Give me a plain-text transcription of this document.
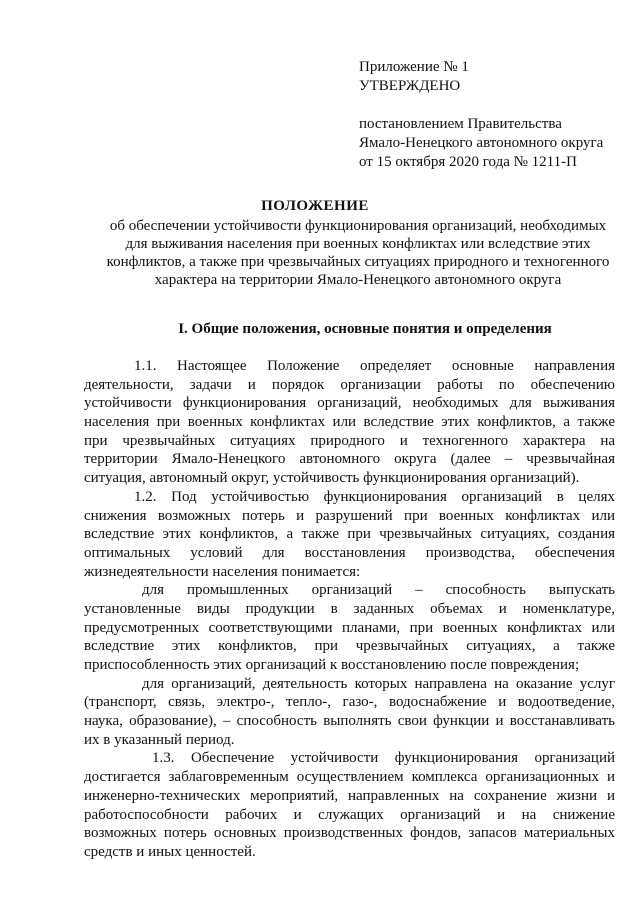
Приложение № 1
УТВЕРЖДЕНО
постановлением Правительства
Ямало-Ненецкого автономного округа
от 15 октября 2020 года № 1211-П
ПОЛОЖЕНИЕ
об обеспечении устойчивости функционирования организаций, необходимых
для выживания населения при военных конфликтах или вследствие этих
конфликтов, а также при чрезвычайных ситуациях природного и техногенного
характера на территории Ямало-Ненецкого автономного округа
I. Общие положения, основные понятия и определения
1.1. Настоящее Положение определяет основные направления
деятельности, задачи и порядок организации работы по обеспечению
устойчивости функционирования организаций, необходимых для выживания
населения при военных конфликтах или вследствие этих конфликтов, а также
при чрезвычайных ситуациях природного и техногенного характера на
территории Ямало-Ненецкого автономного округа (далее – чрезвычайная
ситуация, автономный округ, устойчивость функционирования организаций).
1.2. Под устойчивостью функционирования организаций в целях
снижения возможных потерь и разрушений при военных конфликтах или
вследствие этих конфликтов, а также при чрезвычайных ситуациях, создания
оптимальных условий для восстановления производства, обеспечения
жизнедеятельности населения понимается:
для промышленных организаций – способность выпускать
установленные виды продукции в заданных объемах и номенклатуре,
предусмотренных соответствующими планами, при военных конфликтах или
вследствие этих конфликтов, при чрезвычайных ситуациях, а также
приспособленность этих организаций к восстановлению после повреждения;
для организаций, деятельность которых направлена на оказание услуг
(транспорт, связь, электро-, тепло-, газо-, водоснабжение и водоотведение,
наука, образование), – способность выполнять свои функции и восстанавливать
их в указанный период.
1.3. Обеспечение устойчивости функционирования организаций
достигается заблаговременным осуществлением комплекса организационных и
инженерно-технических мероприятий, направленных на сохранение жизни и
работоспособности рабочих и служащих организаций и на снижение
возможных потерь основных производственных фондов, запасов материальных
средств и иных ценностей.
